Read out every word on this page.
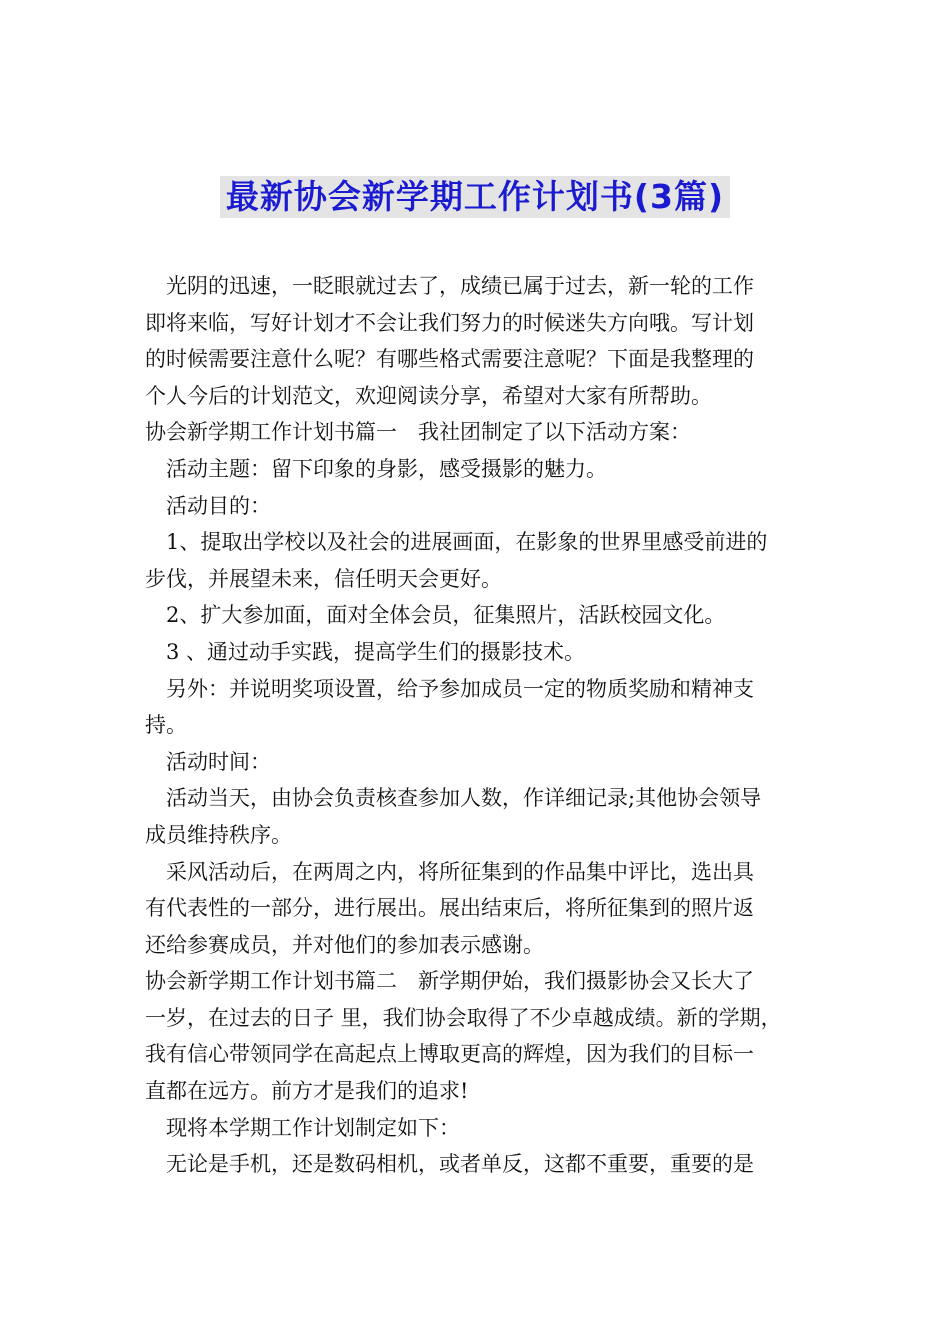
最新协会新学期工作计划书(3篇)

光阴的迅速，一眨眼就过去了，成绩已属于过去，新一轮的工作

即将来临，写好计划才不会让我们努力的时候迷失方向哦。写计划

的时候需要注意什么呢？有哪些格式需要注意呢？下面是我整理的

个人今后的计划范文，欢迎阅读分享，希望对大家有所帮助。

协会新学期工作计划书篇一　我社团制定了以下活动方案：

活动主题：留下印象的身影，感受摄影的魅力。

活动目的：

1、提取出学校以及社会的进展画面，在影象的世界里感受前进的

步伐，并展望未来，信任明天会更好。

2、扩大参加面，面对全体会员，征集照片，活跃校园文化。

3 、通过动手实践，提高学生们的摄影技术。

另外：并说明奖项设置，给予参加成员一定的物质奖励和精神支

持。

活动时间：

活动当天，由协会负责核查参加人数，作详细记录;其他协会领导

成员维持秩序。

采风活动后，在两周之内，将所征集到的作品集中评比，选出具

有代表性的一部分，进行展出。展出结束后，将所征集到的照片返

还给参赛成员，并对他们的参加表示感谢。

协会新学期工作计划书篇二　新学期伊始，我们摄影协会又长大了

一岁，在过去的日子 里，我们协会取得了不少卓越成绩。新的学期，

我有信心带领同学在高起点上博取更高的辉煌，因为我们的目标一

直都在远方。前方才是我们的追求!

现将本学期工作计划制定如下：

无论是手机，还是数码相机，或者单反，这都不重要，重要的是
